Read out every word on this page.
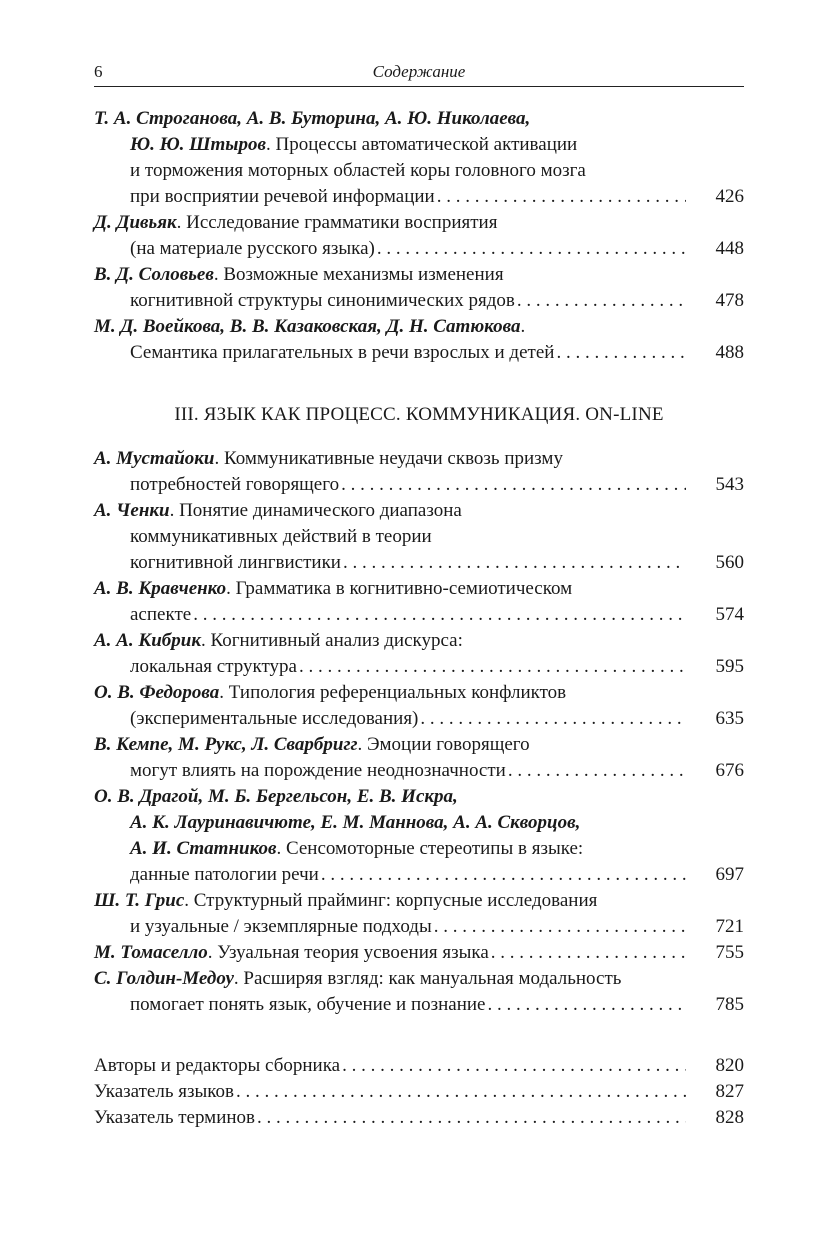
6	Содержание
Т. А. Строганова, А. В. Буторина, А. Ю. Николаева,
Ю. Ю. Штыров. Процессы автоматической активации
и торможения моторных областей коры головного мозга
при восприятии речевой информации . . .	426
Д. Дивьяк. Исследование грамматики восприятия
(на материале русского языка) . . .	448
В. Д. Соловьев. Возможные механизмы изменения
когнитивной структуры синонимических рядов . . .	478
М. Д. Воейкова, В. В. Казаковская, Д. Н. Сатюкова.
Семантика прилагательных в речи взрослых и детей . . .	488
III. ЯЗЫК КАК ПРОЦЕСС. КОММУНИКАЦИЯ. ON-LINE
А. Мустайоки. Коммуникативные неудачи сквозь призму
потребностей говорящего . . .	543
А. Ченки. Понятие динамического диапазона
коммуникативных действий в теории
когнитивной лингвистики . . .	560
А. В. Кравченко. Грамматика в когнитивно-семиотическом
аспекте . . .	574
А. А. Кибрик. Когнитивный анализ дискурса:
локальная структура . . .	595
О. В. Федорова. Типология референциальных конфликтов
(экспериментальные исследования) . . .	635
В. Кемпе, М. Рукс, Л. Сварбригг. Эмоции говорящего
могут влиять на порождение неоднозначности . . .	676
О. В. Драгой, М. Б. Бергельсон, Е. В. Искра,
А. К. Лауринавичюте, Е. М. Маннова, А. А. Скворцов,
А. И. Статников. Сенсомоторные стереотипы в языке:
данные патологии речи . . .	697
Ш. Т. Грис. Структурный прайминг: корпусные исследования
и узуальные / экземплярные подходы . . .	721
М. Томаселло. Узуальная теория усвоения языка . . .	755
С. Голдин-Медоу. Расширяя взгляд: как мануальная модальность
помогает понять язык, обучение и познание . . .	785
Авторы и редакторы сборника . . .	820
Указатель языков . . .	827
Указатель терминов . . .	828
